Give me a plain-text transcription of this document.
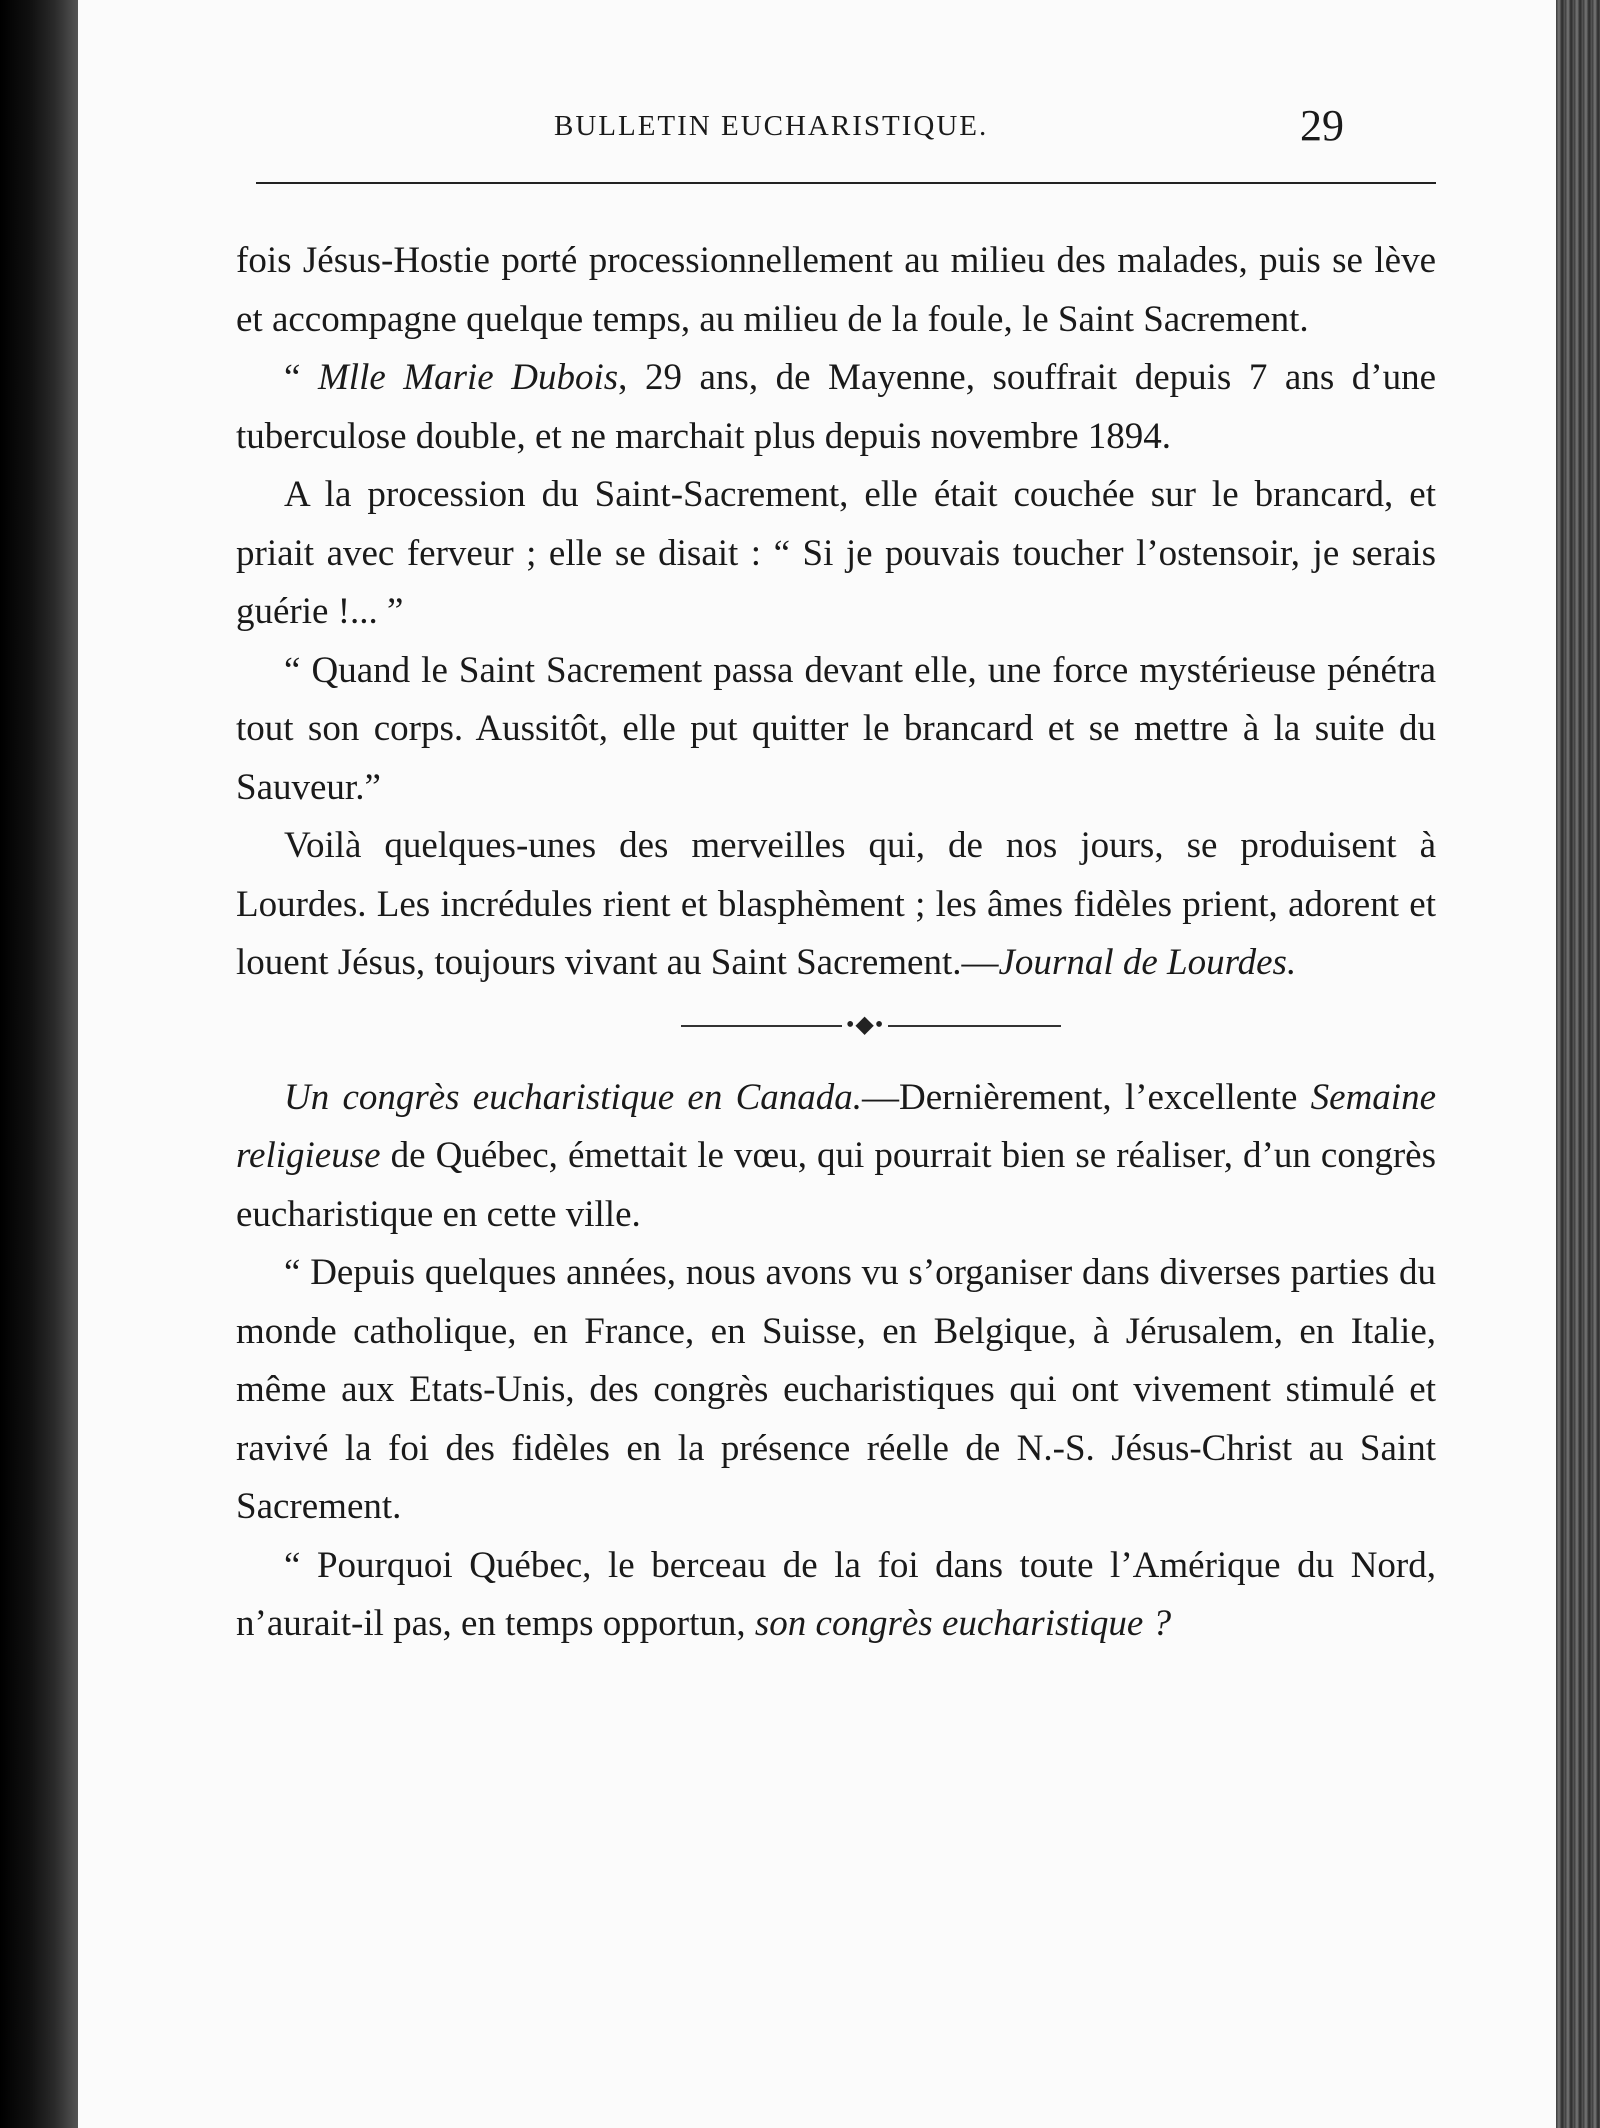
BULLETIN EUCHARISTIQUE.	29

fois Jésus-Hostie porté processionnellement au milieu des malades, puis se lève et accompagne quelque temps, au milieu de la foule, le Saint Sacrement.

“ Mlle Marie Dubois, 29 ans, de Mayenne, souffrait depuis 7 ans d’une tuberculose double, et ne marchait plus depuis novembre 1894.

A la procession du Saint-Sacrement, elle était couchée sur le brancard, et priait avec ferveur ; elle se disait : “ Si je pouvais toucher l’ostensoir, je serais guérie !... ”

“ Quand le Saint Sacrement passa devant elle, une force mystérieuse pénétra tout son corps. Aussitôt, elle put quitter le brancard et se mettre à la suite du Sauveur.”

Voilà quelques-unes des merveilles qui, de nos jours, se produisent à Lourdes. Les incrédules rient et blasphèment ; les âmes fidèles prient, adorent et louent Jésus, toujours vivant au Saint Sacrement.—Journal de Lourdes.

•◆•

Un congrès eucharistique en Canada.—Dernièrement, l’excellente Semaine religieuse de Québec, émettait le vœu, qui pourrait bien se réaliser, d’un congrès eucharistique en cette ville.

“ Depuis quelques années, nous avons vu s’organiser dans diverses parties du monde catholique, en France, en Suisse, en Belgique, à Jérusalem, en Italie, même aux Etats-Unis, des congrès eucharistiques qui ont vivement stimulé et ravivé la foi des fidèles en la présence réelle de N.-S. Jésus-Christ au Saint Sacrement.

“ Pourquoi Québec, le berceau de la foi dans toute l’Amérique du Nord, n’aurait-il pas, en temps opportun, son congrès eucharistique ?
